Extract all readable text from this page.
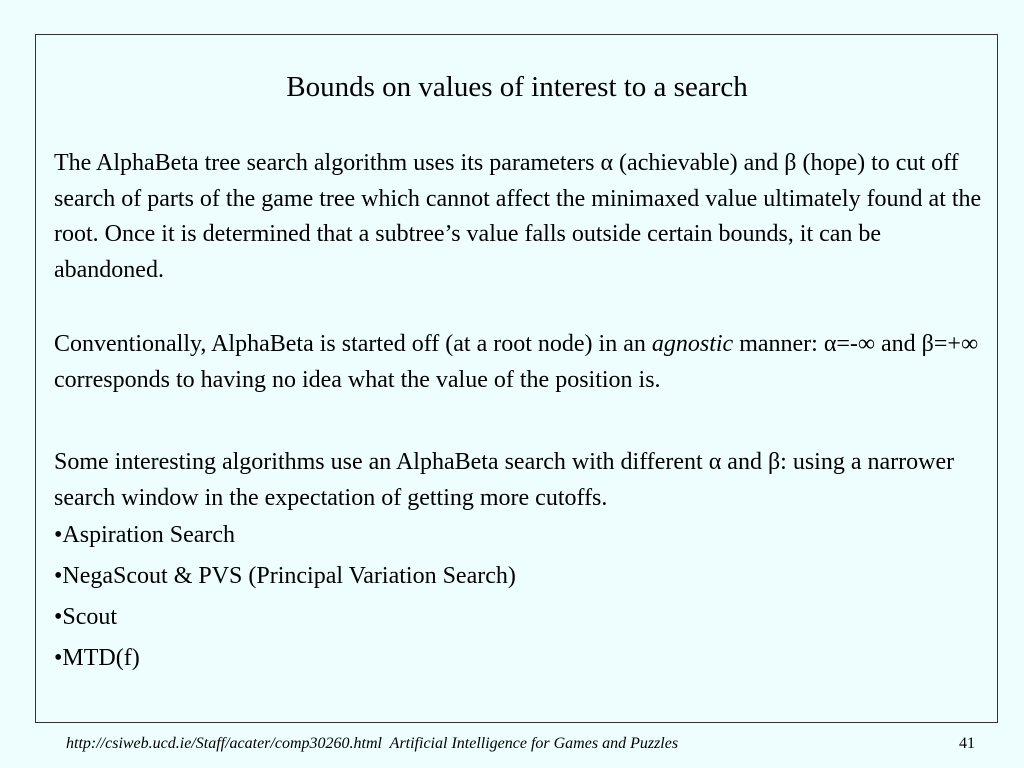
Bounds on values of interest to a search
The AlphaBeta tree search algorithm uses its parameters α (achievable) and β (hope) to cut off search of parts of the game tree which cannot affect the minimaxed value ultimately found at the root. Once it is determined that a subtree’s value falls outside certain bounds, it can be abandoned.
Conventionally, AlphaBeta is started off (at a root node) in an agnostic manner: α=-∞ and β=+∞ corresponds to having no idea what the value of the position is.
Some interesting algorithms use an AlphaBeta search with different α and β: using a narrower search window in the expectation of getting more cutoffs.
•Aspiration Search
•NegaScout & PVS (Principal Variation Search)
•Scout
•MTD(f)
http://csiweb.ucd.ie/Staff/acater/comp30260.html  Artificial Intelligence for Games and Puzzles	41
